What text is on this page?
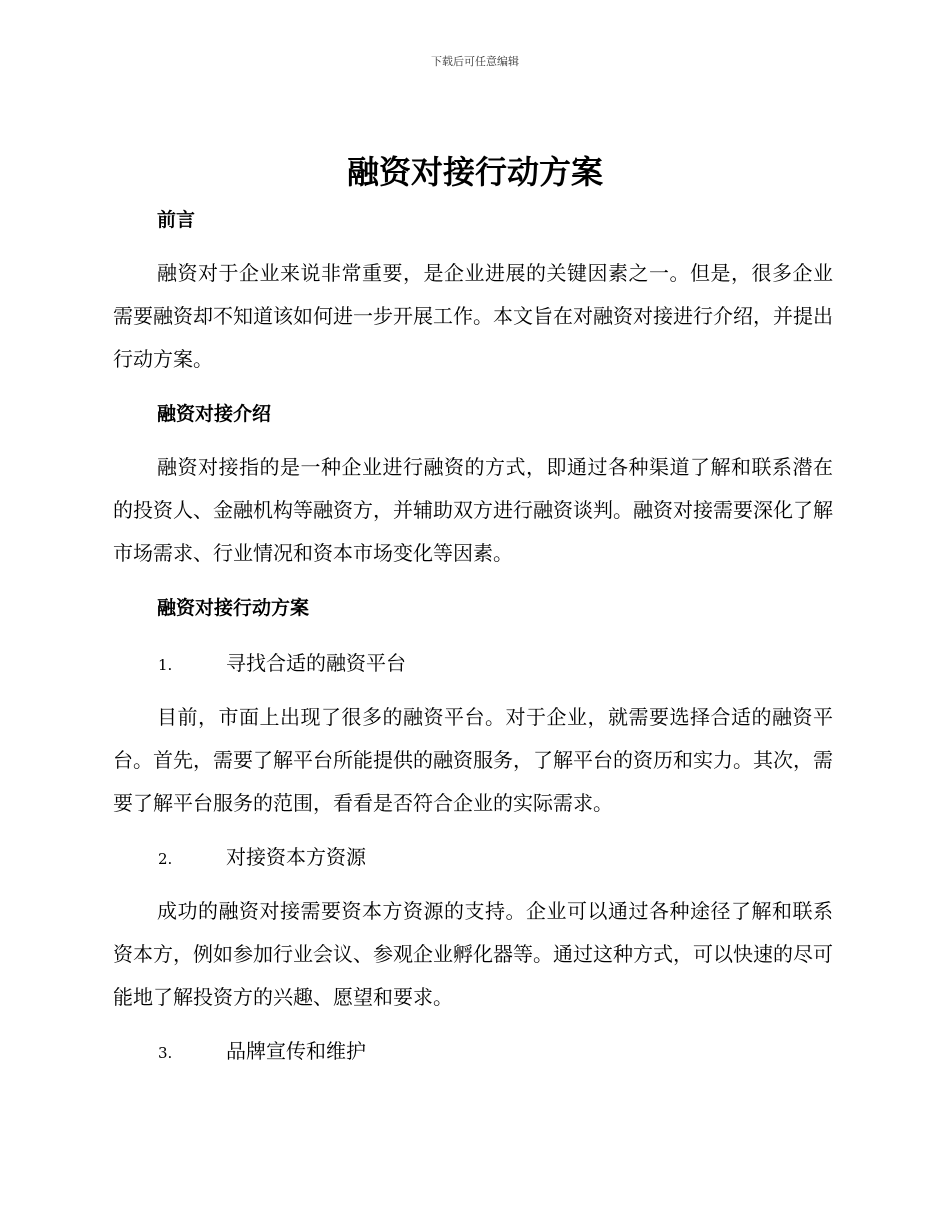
下载后可任意编辑
融资对接行动方案
前言
融资对于企业来说非常重要，是企业进展的关键因素之一。但是，很多企业需要融资却不知道该如何进一步开展工作。本文旨在对融资对接进行介绍，并提出行动方案。
融资对接介绍
融资对接指的是一种企业进行融资的方式，即通过各种渠道了解和联系潜在的投资人、金融机构等融资方，并辅助双方进行融资谈判。融资对接需要深化了解市场需求、行业情况和资本市场变化等因素。
融资对接行动方案
1.	寻找合适的融资平台
目前，市面上出现了很多的融资平台。对于企业，就需要选择合适的融资平台。首先，需要了解平台所能提供的融资服务，了解平台的资历和实力。其次，需要了解平台服务的范围，看看是否符合企业的实际需求。
2.	对接资本方资源
成功的融资对接需要资本方资源的支持。企业可以通过各种途径了解和联系资本方，例如参加行业会议、参观企业孵化器等。通过这种方式，可以快速的尽可能地了解投资方的兴趣、愿望和要求。
3.	品牌宣传和维护
